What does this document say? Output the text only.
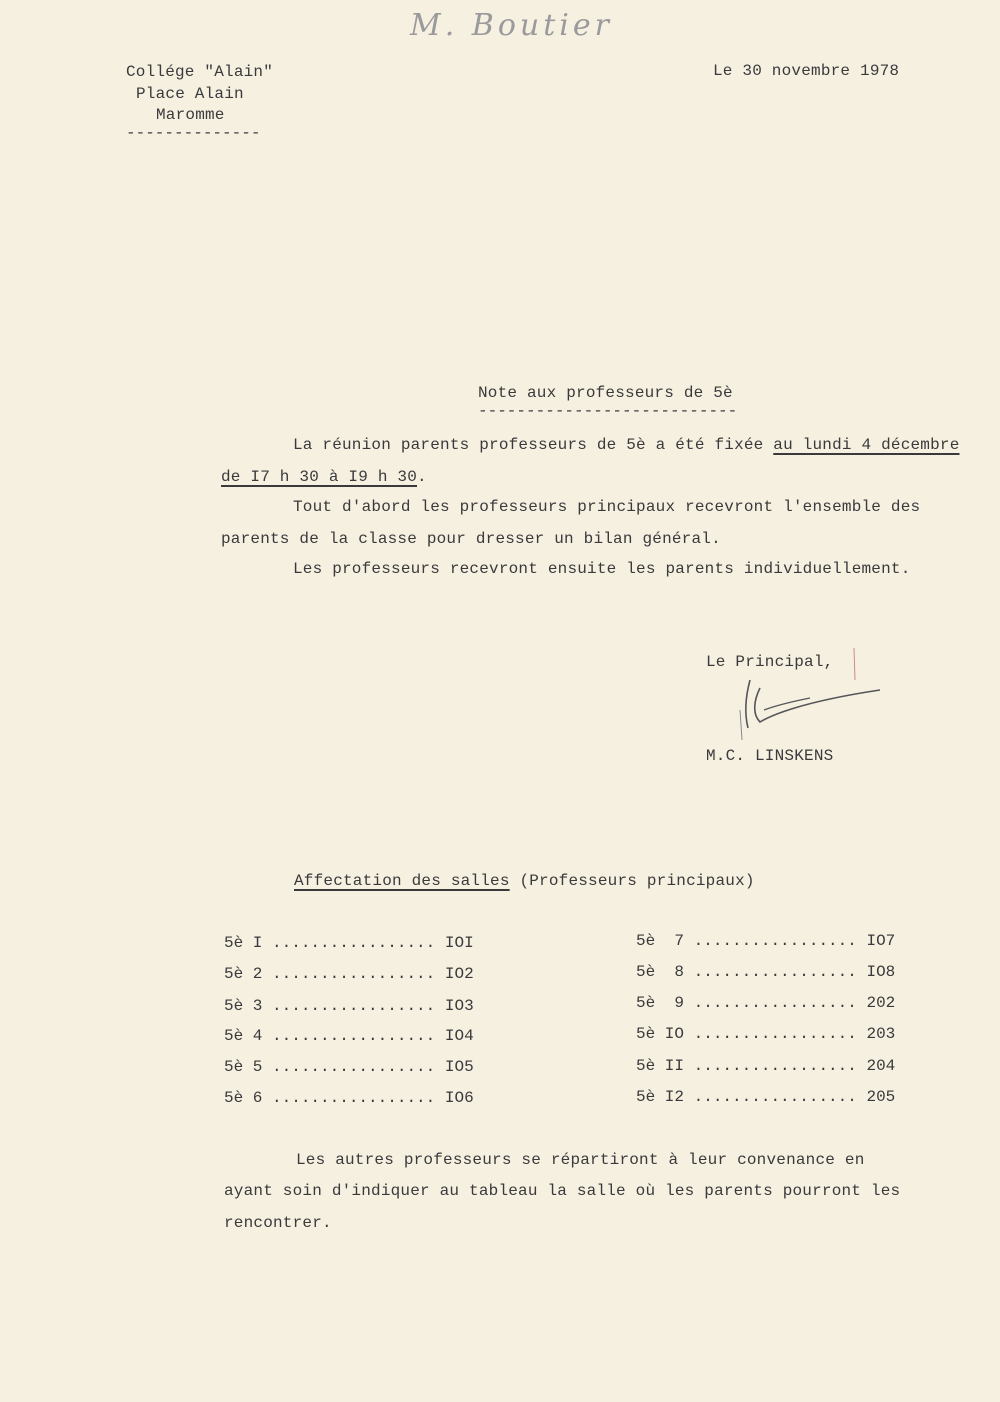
M. Boutier
Collége "Alain"
Place Alain
Maromme
--------------
Le 30 novembre 1978
Note aux professeurs de 5è
---------------------------
La réunion parents professeurs de 5è a été fixée au lundi 4 décembre
de I7 h 30 à I9 h 30.
Tout d'abord les professeurs principaux recevront l'ensemble des
parents de la classe pour dresser un bilan général.
Les professeurs recevront ensuite les parents individuellement.
Le Principal,
M.C. LINSKENS
Affectation des salles (Professeurs principaux)
5è I ................. IOI
5è 2 ................. IO2
5è 3 ................. IO3
5è 4 ................. IO4
5è 5 ................. IO5
5è 6 ................. IO6
5è  7 ................. IO7
5è  8 ................. IO8
5è  9 ................. 202
5è IO ................. 203
5è II ................. 204
5è I2 ................. 205
Les autres professeurs se répartiront à leur convenance en
ayant soin d'indiquer au tableau la salle où les parents pourront les
rencontrer.
